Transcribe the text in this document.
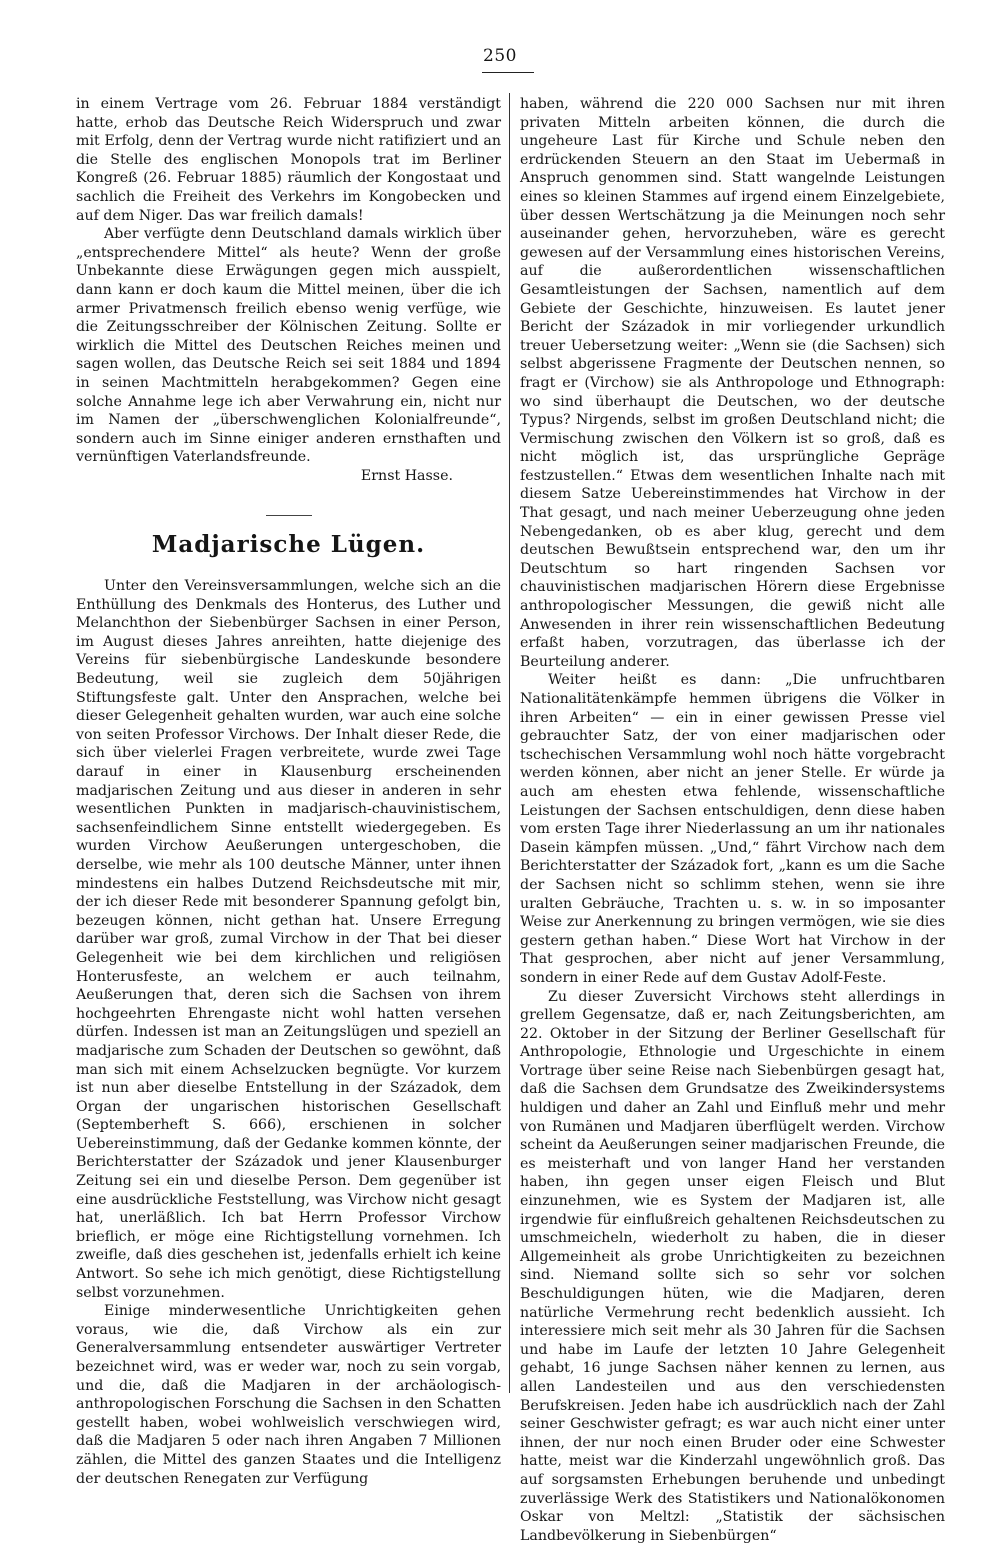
250

in einem Vertrage vom 26. Februar 1884 verständigt hatte, erhob das Deutsche Reich Widerspruch und zwar mit Erfolg, denn der Vertrag wurde nicht ratifiziert und an die Stelle des englischen Monopols trat im Berliner Kongreß (26. Februar 1885) räumlich der Kongostaat und sachlich die Freiheit des Verkehrs im Kongobecken und auf dem Niger. Das war freilich damals!

Aber verfügte denn Deutschland damals wirklich über „entsprechendere Mittel“ als heute? Wenn der große Unbekannte diese Erwägungen gegen mich ausspielt, dann kann er doch kaum die Mittel meinen, über die ich armer Privatmensch freilich ebenso wenig verfüge, wie die Zeitungsschreiber der Kölnischen Zeitung. Sollte er wirklich die Mittel des Deutschen Reiches meinen und sagen wollen, das Deutsche Reich sei seit 1884 und 1894 in seinen Machtmitteln herabgekommen? Gegen eine solche Annahme lege ich aber Verwahrung ein, nicht nur im Namen der „überschwenglichen Kolonialfreunde“, sondern auch im Sinne einiger anderen ernsthaften und vernünftigen Vaterlandsfreunde.

Ernst Hasse.

Madjarische Lügen.

Unter den Vereinsversammlungen, welche sich an die Enthüllung des Denkmals des Honterus, des Luther und Melanchthon der Siebenbürger Sachsen in einer Person, im August dieses Jahres anreihten, hatte diejenige des Vereins für siebenbürgische Landeskunde besondere Bedeutung, weil sie zugleich dem 50jährigen Stiftungsfeste galt. Unter den Ansprachen, welche bei dieser Gelegenheit gehalten wurden, war auch eine solche von seiten Professor Virchows. Der Inhalt dieser Rede, die sich über vielerlei Fragen verbreitete, wurde zwei Tage darauf in einer in Klausenburg erscheinenden madjarischen Zeitung und aus dieser in anderen in sehr wesentlichen Punkten in madjarisch-chauvinistischem, sachsenfeindlichem Sinne entstellt wiedergegeben. Es wurden Virchow Aeußerungen untergeschoben, die derselbe, wie mehr als 100 deutsche Männer, unter ihnen mindestens ein halbes Dutzend Reichsdeutsche mit mir, der ich dieser Rede mit besonderer Spannung gefolgt bin, bezeugen können, nicht gethan hat. Unsere Erregung darüber war groß, zumal Virchow in der That bei dieser Gelegenheit wie bei dem kirchlichen und religiösen Honterusfeste, an welchem er auch teilnahm, Aeußerungen that, deren sich die Sachsen von ihrem hochgeehrten Ehrengaste nicht wohl hatten versehen dürfen. Indessen ist man an Zeitungslügen und speziell an madjarische zum Schaden der Deutschen so gewöhnt, daß man sich mit einem Achselzucken begnügte. Vor kurzem ist nun aber dieselbe Entstellung in der Századok, dem Organ der ungarischen historischen Gesellschaft (Septemberheft S. 666), erschienen in solcher Uebereinstimmung, daß der Gedanke kommen könnte, der Berichterstatter der Századok und jener Klausenburger Zeitung sei ein und dieselbe Person. Dem gegenüber ist eine ausdrückliche Feststellung, was Virchow nicht gesagt hat, unerläßlich. Ich bat Herrn Professor Virchow brieflich, er möge eine Richtigstellung vornehmen. Ich zweifle, daß dies geschehen ist, jedenfalls erhielt ich keine Antwort. So sehe ich mich genötigt, diese Richtigstellung selbst vorzunehmen.

Einige minderwesentliche Unrichtigkeiten gehen voraus, wie die, daß Virchow als ein zur Generalversammlung entsendeter auswärtiger Vertreter bezeichnet wird, was er weder war, noch zu sein vorgab, und die, daß die Madjaren in der archäologisch-anthropologischen Forschung die Sachsen in den Schatten gestellt haben, wobei wohlweislich verschwiegen wird, daß die Madjaren 5 oder nach ihren Angaben 7 Millionen zählen, die Mittel des ganzen Staates und die Intelligenz der deutschen Renegaten zur Verfügung

haben, während die 220 000 Sachsen nur mit ihren privaten Mitteln arbeiten können, die durch die ungeheure Last für Kirche und Schule neben den erdrückenden Steuern an den Staat im Uebermaß in Anspruch genommen sind. Statt wangelnde Leistungen eines so kleinen Stammes auf irgend einem Einzelgebiete, über dessen Wertschätzung ja die Meinungen noch sehr auseinander gehen, hervorzuheben, wäre es gerecht gewesen auf der Versammlung eines historischen Vereins, auf die außerordentlichen wissenschaftlichen Gesamtleistungen der Sachsen, namentlich auf dem Gebiete der Geschichte, hinzuweisen. Es lautet jener Bericht der Századok in mir vorliegender urkundlich treuer Uebersetzung weiter: „Wenn sie (die Sachsen) sich selbst abgerissene Fragmente der Deutschen nennen, so fragt er (Virchow) sie als Anthropologe und Ethnograph: wo sind überhaupt die Deutschen, wo der deutsche Typus? Nirgends, selbst im großen Deutschland nicht; die Vermischung zwischen den Völkern ist so groß, daß es nicht möglich ist, das ursprüngliche Gepräge festzustellen.“ Etwas dem wesentlichen Inhalte nach mit diesem Satze Uebereinstimmendes hat Virchow in der That gesagt, und nach meiner Ueberzeugung ohne jeden Nebengedanken, ob es aber klug, gerecht und dem deutschen Bewußtsein entsprechend war, den um ihr Deutschtum so hart ringenden Sachsen vor chauvinistischen madjarischen Hörern diese Ergebnisse anthropologischer Messungen, die gewiß nicht alle Anwesenden in ihrer rein wissenschaftlichen Bedeutung erfaßt haben, vorzutragen, das überlasse ich der Beurteilung anderer.

Weiter heißt es dann: „Die unfruchtbaren Nationalitätenkämpfe hemmen übrigens die Völker in ihren Arbeiten“ — ein in einer gewissen Presse viel gebrauchter Satz, der von einer madjarischen oder tschechischen Versammlung wohl noch hätte vorgebracht werden können, aber nicht an jener Stelle. Er würde ja auch am ehesten etwa fehlende, wissenschaftliche Leistungen der Sachsen entschuldigen, denn diese haben vom ersten Tage ihrer Niederlassung an um ihr nationales Dasein kämpfen müssen. „Und,“ fährt Virchow nach dem Berichterstatter der Századok fort, „kann es um die Sache der Sachsen nicht so schlimm stehen, wenn sie ihre uralten Gebräuche, Trachten u. s. w. in so imposanter Weise zur Anerkennung zu bringen vermögen, wie sie dies gestern gethan haben.“ Diese Wort hat Virchow in der That gesprochen, aber nicht auf jener Versammlung, sondern in einer Rede auf dem Gustav Adolf-Feste.

Zu dieser Zuversicht Virchows steht allerdings in grellem Gegensatze, daß er, nach Zeitungsberichten, am 22. Oktober in der Sitzung der Berliner Gesellschaft für Anthropologie, Ethnologie und Urgeschichte in einem Vortrage über seine Reise nach Siebenbürgen gesagt hat, daß die Sachsen dem Grundsatze des Zweikindersystems huldigen und daher an Zahl und Einfluß mehr und mehr von Rumänen und Madjaren überflügelt werden. Virchow scheint da Aeußerungen seiner madjarischen Freunde, die es meisterhaft und von langer Hand her verstanden haben, ihn gegen unser eigen Fleisch und Blut einzunehmen, wie es System der Madjaren ist, alle irgendwie für einflußreich gehaltenen Reichsdeutschen zu umschmeicheln, wiederholt zu haben, die in dieser Allgemeinheit als grobe Unrichtigkeiten zu bezeichnen sind. Niemand sollte sich so sehr vor solchen Beschuldigungen hüten, wie die Madjaren, deren natürliche Vermehrung recht bedenklich aussieht. Ich interessiere mich seit mehr als 30 Jahren für die Sachsen und habe im Laufe der letzten 10 Jahre Gelegenheit gehabt, 16 junge Sachsen näher kennen zu lernen, aus allen Landesteilen und aus den verschiedensten Berufskreisen. Jeden habe ich ausdrücklich nach der Zahl seiner Geschwister gefragt; es war auch nicht einer unter ihnen, der nur noch einen Bruder oder eine Schwester hatte, meist war die Kinderzahl ungewöhnlich groß. Das auf sorgsamsten Erhebungen beruhende und unbedingt zuverlässige Werk des Statistikers und Nationalökonomen Oskar von Meltzl: „Statistik der sächsischen Landbevölkerung in Siebenbürgen“
